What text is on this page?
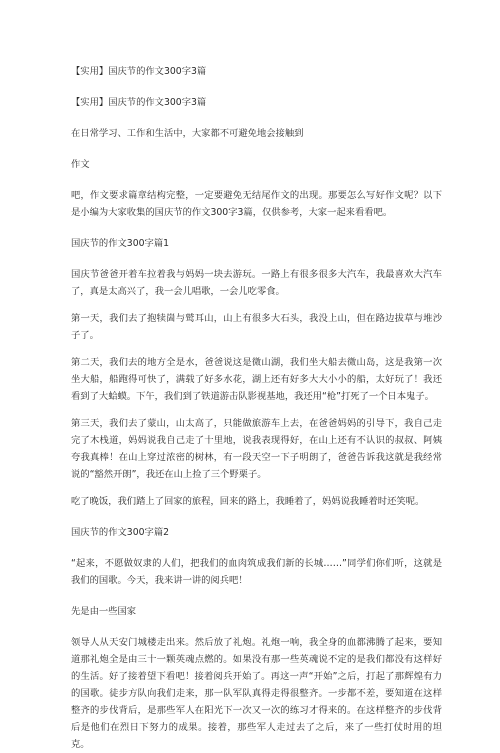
【实用】国庆节的作文300字3篇

【实用】国庆节的作文300字3篇

在日常学习、工作和生活中，大家都不可避免地会接触到

作文

吧，作文要求篇章结构完整，一定要避免无结尾作文的出现。那要怎么写好作文呢？以下是小编为大家收集的国庆节的作文300字3篇，仅供参考，大家一起来看看吧。

国庆节的作文300字篇1

国庆节爸爸开着车拉着我与妈妈一块去游玩。一路上有很多很多大汽车，我最喜欢大汽车了，真是太高兴了，我一会儿唱歌，一会儿吃零食。

第一天，我们去了抱犊崮与鹫耳山，山上有很多大石头，我没上山，但在路边拔草与堆沙子了。

第二天，我们去的地方全是水，爸爸说这是微山湖，我们坐大船去微山岛，这是我第一次坐大船，船跑得可快了，满载了好多水花，湖上还有好多大大小小的船，太好玩了！我还看到了大蛤蟆。下午，我们到了铁道游击队影视基地，我还用“枪”打死了一个日本鬼子。

第三天，我们去了蒙山，山太高了，只能做旅游车上去，在爸爸妈妈的引导下，我自己走完了木栈道，妈妈说我自己走了十里地，说我表现得好，在山上还有不认识的叔叔、阿姨夸我真棒！在山上穿过浓密的树林，有一段天空一下子明朗了，爸爸告诉我这就是我经常说的“豁然开朗”，我还在山上捡了三个野栗子。

吃了晚饭，我们踏上了回家的旅程，回来的路上，我睡着了，妈妈说我睡着时还笑呢。

国庆节的作文300字篇2

“起来，不愿做奴隶的人们，把我们的血肉筑成我们新的长城……”同学们你们听，这就是我们的国歌。今天，我来讲一讲的阅兵吧！

先是由一些国家

领导人从天安门城楼走出来。然后放了礼炮。礼炮一响，我全身的血都沸腾了起来，要知道那礼炮全是由三十一颗英魂点燃的。如果没有那一些英魂说不定的是我们都没有这样好的生活。好了接着望下看吧！接着阅兵开始了。再这一声“开始”之后，打起了那辉煌有力的国歌。徒步方队向我们走来，那一队军队真得走得很整齐。一步都不差，要知道在这样整齐的步伐背后，是那些军人在阳光下一次又一次的练习才得来的。在这样整齐的步伐背后是他们在烈日下努力的成果。接着，那些军人走过去了之后，来了一些打仗时用的坦克。
